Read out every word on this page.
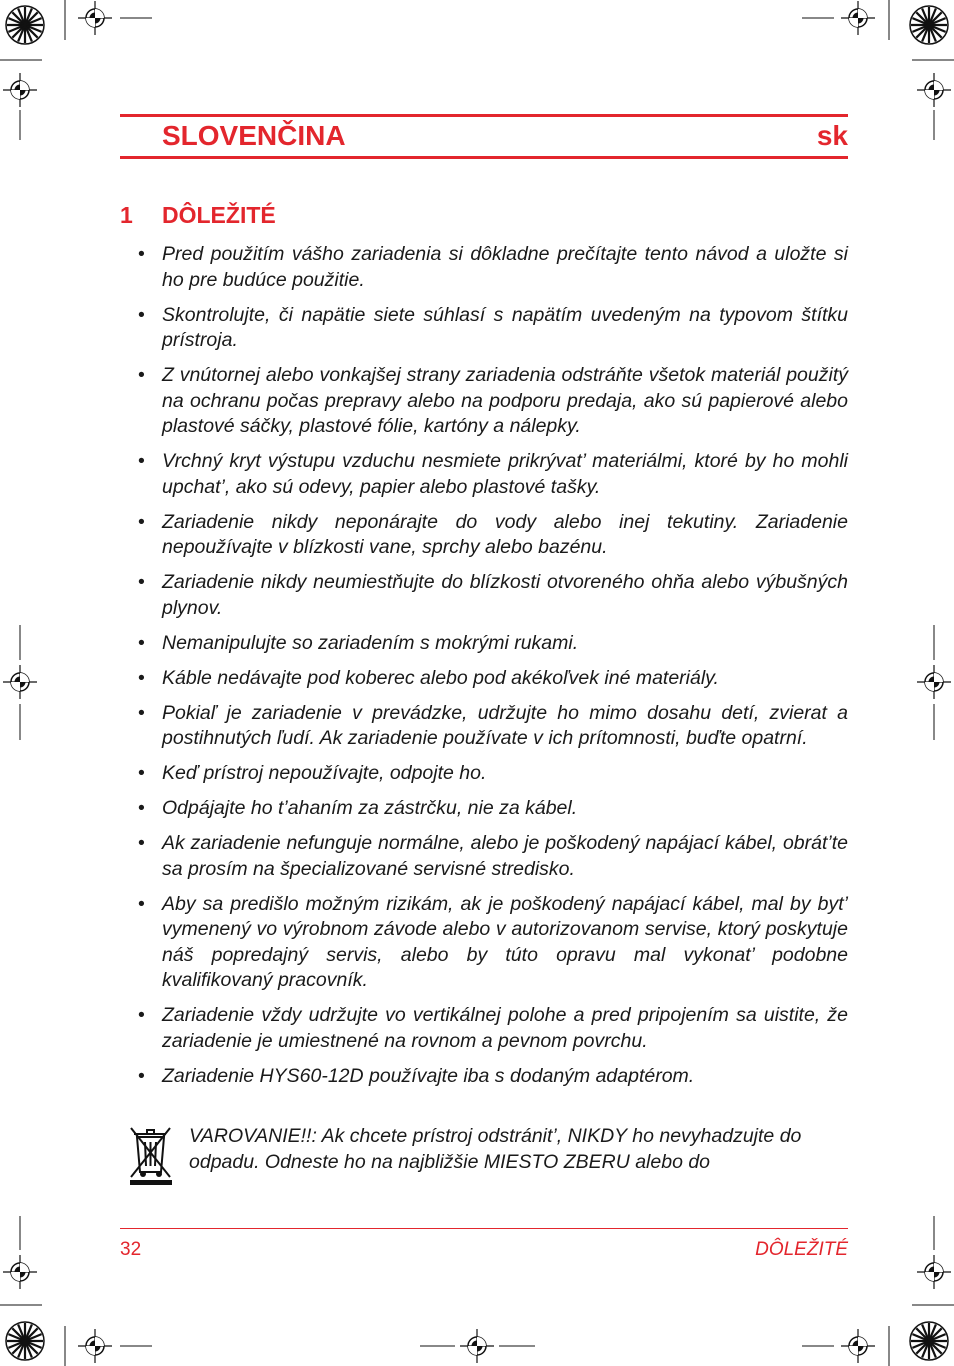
SLOVENČINA	sk
1 DÔLEŽITÉ
• Pred použitím vášho zariadenia si dôkladne prečítajte tento návod a uložte si ho pre budúce použitie.
• Skontrolujte, či napätie siete súhlasí s napätím uvedeným na typovom štítku prístroja.
• Z vnútornej alebo vonkajšej strany zariadenia odstráňte všetok materiál použitý na ochranu počas prepravy alebo na podporu predaja, ako sú papierové alebo plastové sáčky, plastové fólie, kartóny a nálepky.
• Vrchný kryt výstupu vzduchu nesmiete prikrývat’ materiálmi, ktoré by ho mohli upchat’, ako sú odevy, papier alebo plastové tašky.
• Zariadenie nikdy neponárajte do vody alebo inej tekutiny. Zariadenie nepoužívajte v blízkosti vane, sprchy alebo bazénu.
• Zariadenie nikdy neumiestňujte do blízkosti otvoreného ohňa alebo výbušných plynov.
• Nemanipulujte so zariadením s mokrými rukami.
• Káble nedávajte pod koberec alebo pod akékoľvek iné materiály.
• Pokiaľ je zariadenie v prevádzke, udržujte ho mimo dosahu detí, zvierat a postihnutých ľudí. Ak zariadenie používate v ich prítomnosti, buďte opatrní.
• Keď prístroj nepoužívajte, odpojte ho.
• Odpájajte ho t’ahaním za zástrčku, nie za kábel.
• Ak zariadenie nefunguje normálne, alebo je poškodený napájací kábel, obrát’te sa prosím na špecializované servisné stredisko.
• Aby sa predišlo možným rizikám, ak je poškodený napájací kábel, mal by byt’ vymenený vo výrobnom závode alebo v autorizovanom servise, ktorý poskytuje náš popredajný servis, alebo by túto opravu mal vykonat’ podobne kvalifikovaný pracovník.
• Zariadenie vždy udržujte vo vertikálnej polohe a pred pripojením sa uistite, že zariadenie je umiestnené na rovnom a pevnom povrchu.
• Zariadenie HYS60-12D používajte iba s dodaným adaptérom.
VAROVANIE!!: Ak chcete prístroj odstránit’, NIKDY ho nevyhadzujte do odpadu. Odneste ho na najbližšie MIESTO ZBERU alebo do
32	DÔLEŽITÉ
